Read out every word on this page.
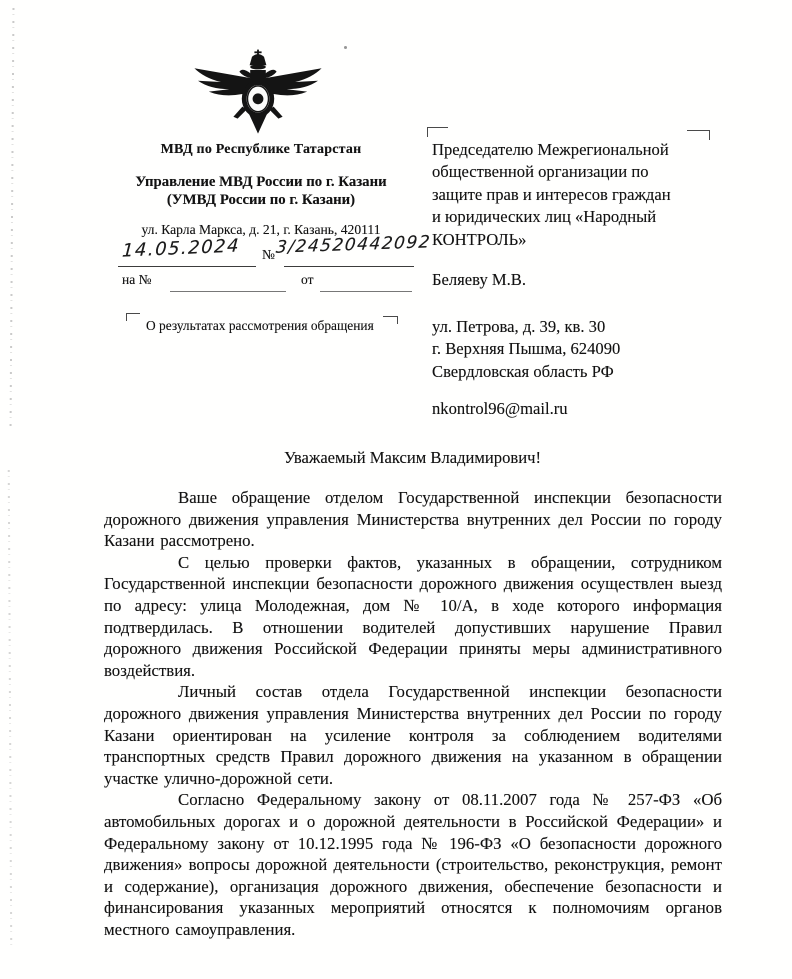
МВД по Республике Татарстан
Управление МВД России по г. Казани
(УМВД России по г. Казани)
ул. Карла Маркса, д. 21, г. Казань, 420111
14.05.2024 № 3/24520442092
на №	от
О результатах рассмотрения обращения
Председателю Межрегиональной
общественной организации по
защите прав и интересов граждан
и юридических лиц «Народный
КОНТРОЛЬ»
Беляеву М.В.
ул. Петрова, д. 39, кв. 30
г. Верхняя Пышма, 624090
Свердловская область РФ
nkontrol96@mail.ru
Уважаемый Максим Владимирович!

Ваше обращение отделом Государственной инспекции безопасности дорожного движения управления Министерства внутренних дел России по городу Казани рассмотрено.

С целью проверки фактов, указанных в обращении, сотрудником Государственной инспекции безопасности дорожного движения осуществлен выезд по адресу: улица Молодежная, дом № 10/А, в ходе которого информация подтвердилась. В отношении водителей допустивших нарушение Правил дорожного движения Российской Федерации приняты меры административного воздействия.

Личный состав отдела Государственной инспекции безопасности дорожного движения управления Министерства внутренних дел России по городу Казани ориентирован на усиление контроля за соблюдением водителями транспортных средств Правил дорожного движения на указанном в обращении участке улично-дорожной сети.

Согласно Федеральному закону от 08.11.2007 года № 257-ФЗ «Об автомобильных дорогах и о дорожной деятельности в Российской Федерации» и Федеральному закону от 10.12.1995 года № 196-ФЗ «О безопасности дорожного движения» вопросы дорожной деятельности (строительство, реконструкция, ремонт и содержание), организация дорожного движения, обеспечение безопасности и финансирования указанных мероприятий относятся к полномочиям органов местного самоуправления.
